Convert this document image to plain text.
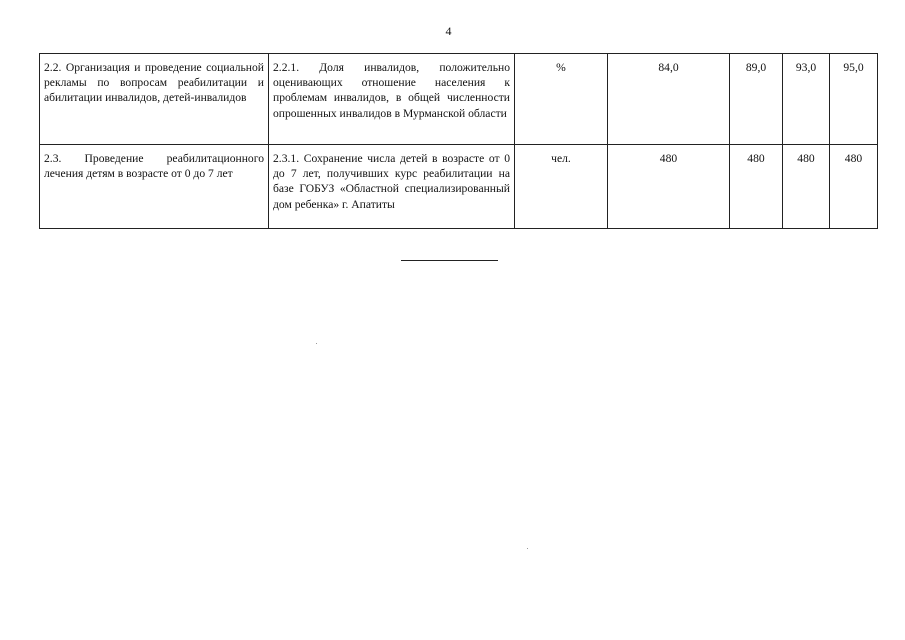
4
2.2. Организация и проведение социальной рекламы по вопросам реабилитации и абилитации инвалидов, детей-инвалидов	2.2.1. Доля инвалидов, положительно оценивающих отношение населения к проблемам инвалидов, в общей численности опрошенных инвалидов в Мурманской области	%	84,0	89,0	93,0	95,0
2.3. Проведение реабилитационного лечения детям в возрасте от 0 до 7 лет	2.3.1. Сохранение числа детей в возрасте от 0 до 7 лет, получивших курс реабилитации на базе ГОБУЗ «Областной специализированный дом ребенка» г. Апатиты	чел.	480	480	480	480
